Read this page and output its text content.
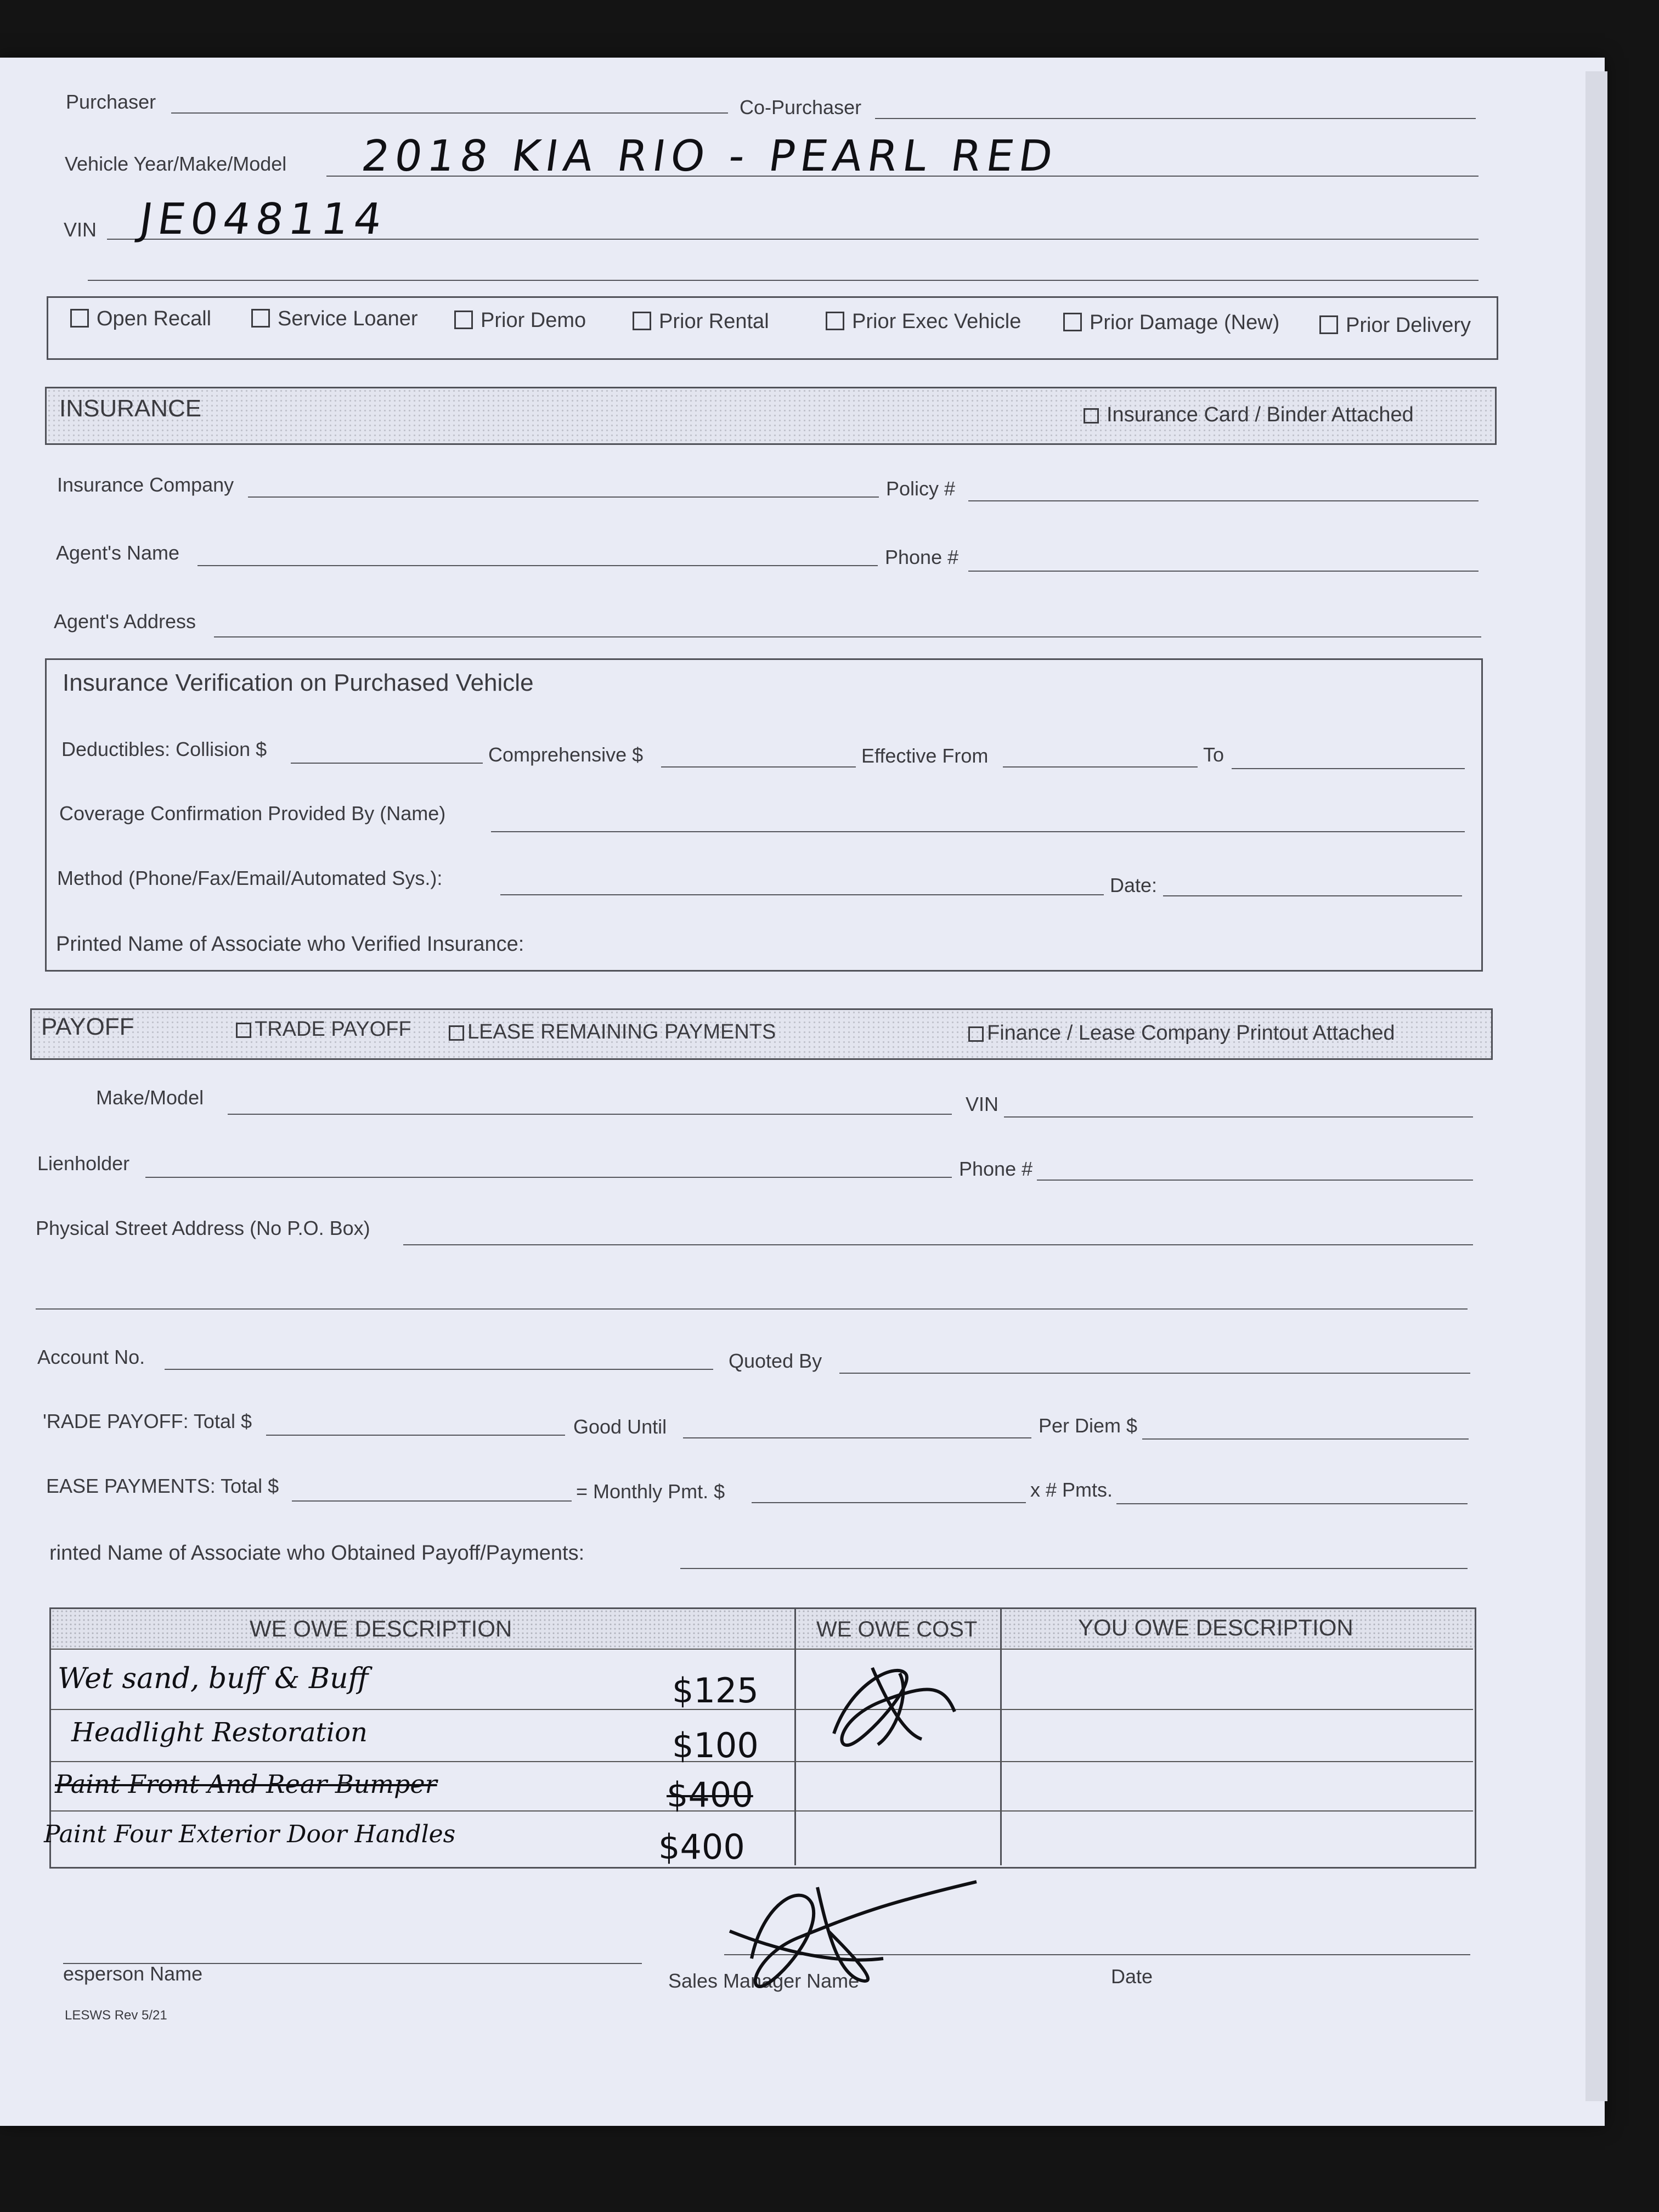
Purchaser	Co-Purchaser
Vehicle Year/Make/Model 2018 KIA RIO - PEARL RED
VIN JE048114
Open Recall	Service Loaner	Prior Demo	Prior Rental	Prior Exec Vehicle	Prior Damage (New)	Prior Delivery
INSURANCE	Insurance Card / Binder Attached
Insurance Company	Policy #
Agent's Name	Phone #
Agent's Address
Insurance Verification on Purchased Vehicle
Deductibles: Collision $	Comprehensive $	Effective From	To
Coverage Confirmation Provided By (Name)
Method (Phone/Fax/Email/Automated Sys.):	Date:
Printed Name of Associate who Verified Insurance:
PAYOFF	TRADE PAYOFF	LEASE REMAINING PAYMENTS	Finance / Lease Company Printout Attached
Make/Model	VIN
Lienholder	Phone #
Physical Street Address (No P.O. Box)
Account No.	Quoted By
'RADE PAYOFF: Total $	Good Until	Per Diem $
EASE PAYMENTS: Total $	= Monthly Pmt. $	x # Pmts.
rinted Name of Associate who Obtained Payoff/Payments:
WE OWE DESCRIPTION	WE OWE COST	YOU OWE DESCRIPTION
Wet sand, buff & Buff	$125
Headlight Restoration	$100
Paint Front And Rear Bumper	$400
Paint Four Exterior Door Handles	$400
esperson Name	Sales Manager Name	Date
LESWS Rev 5/21
